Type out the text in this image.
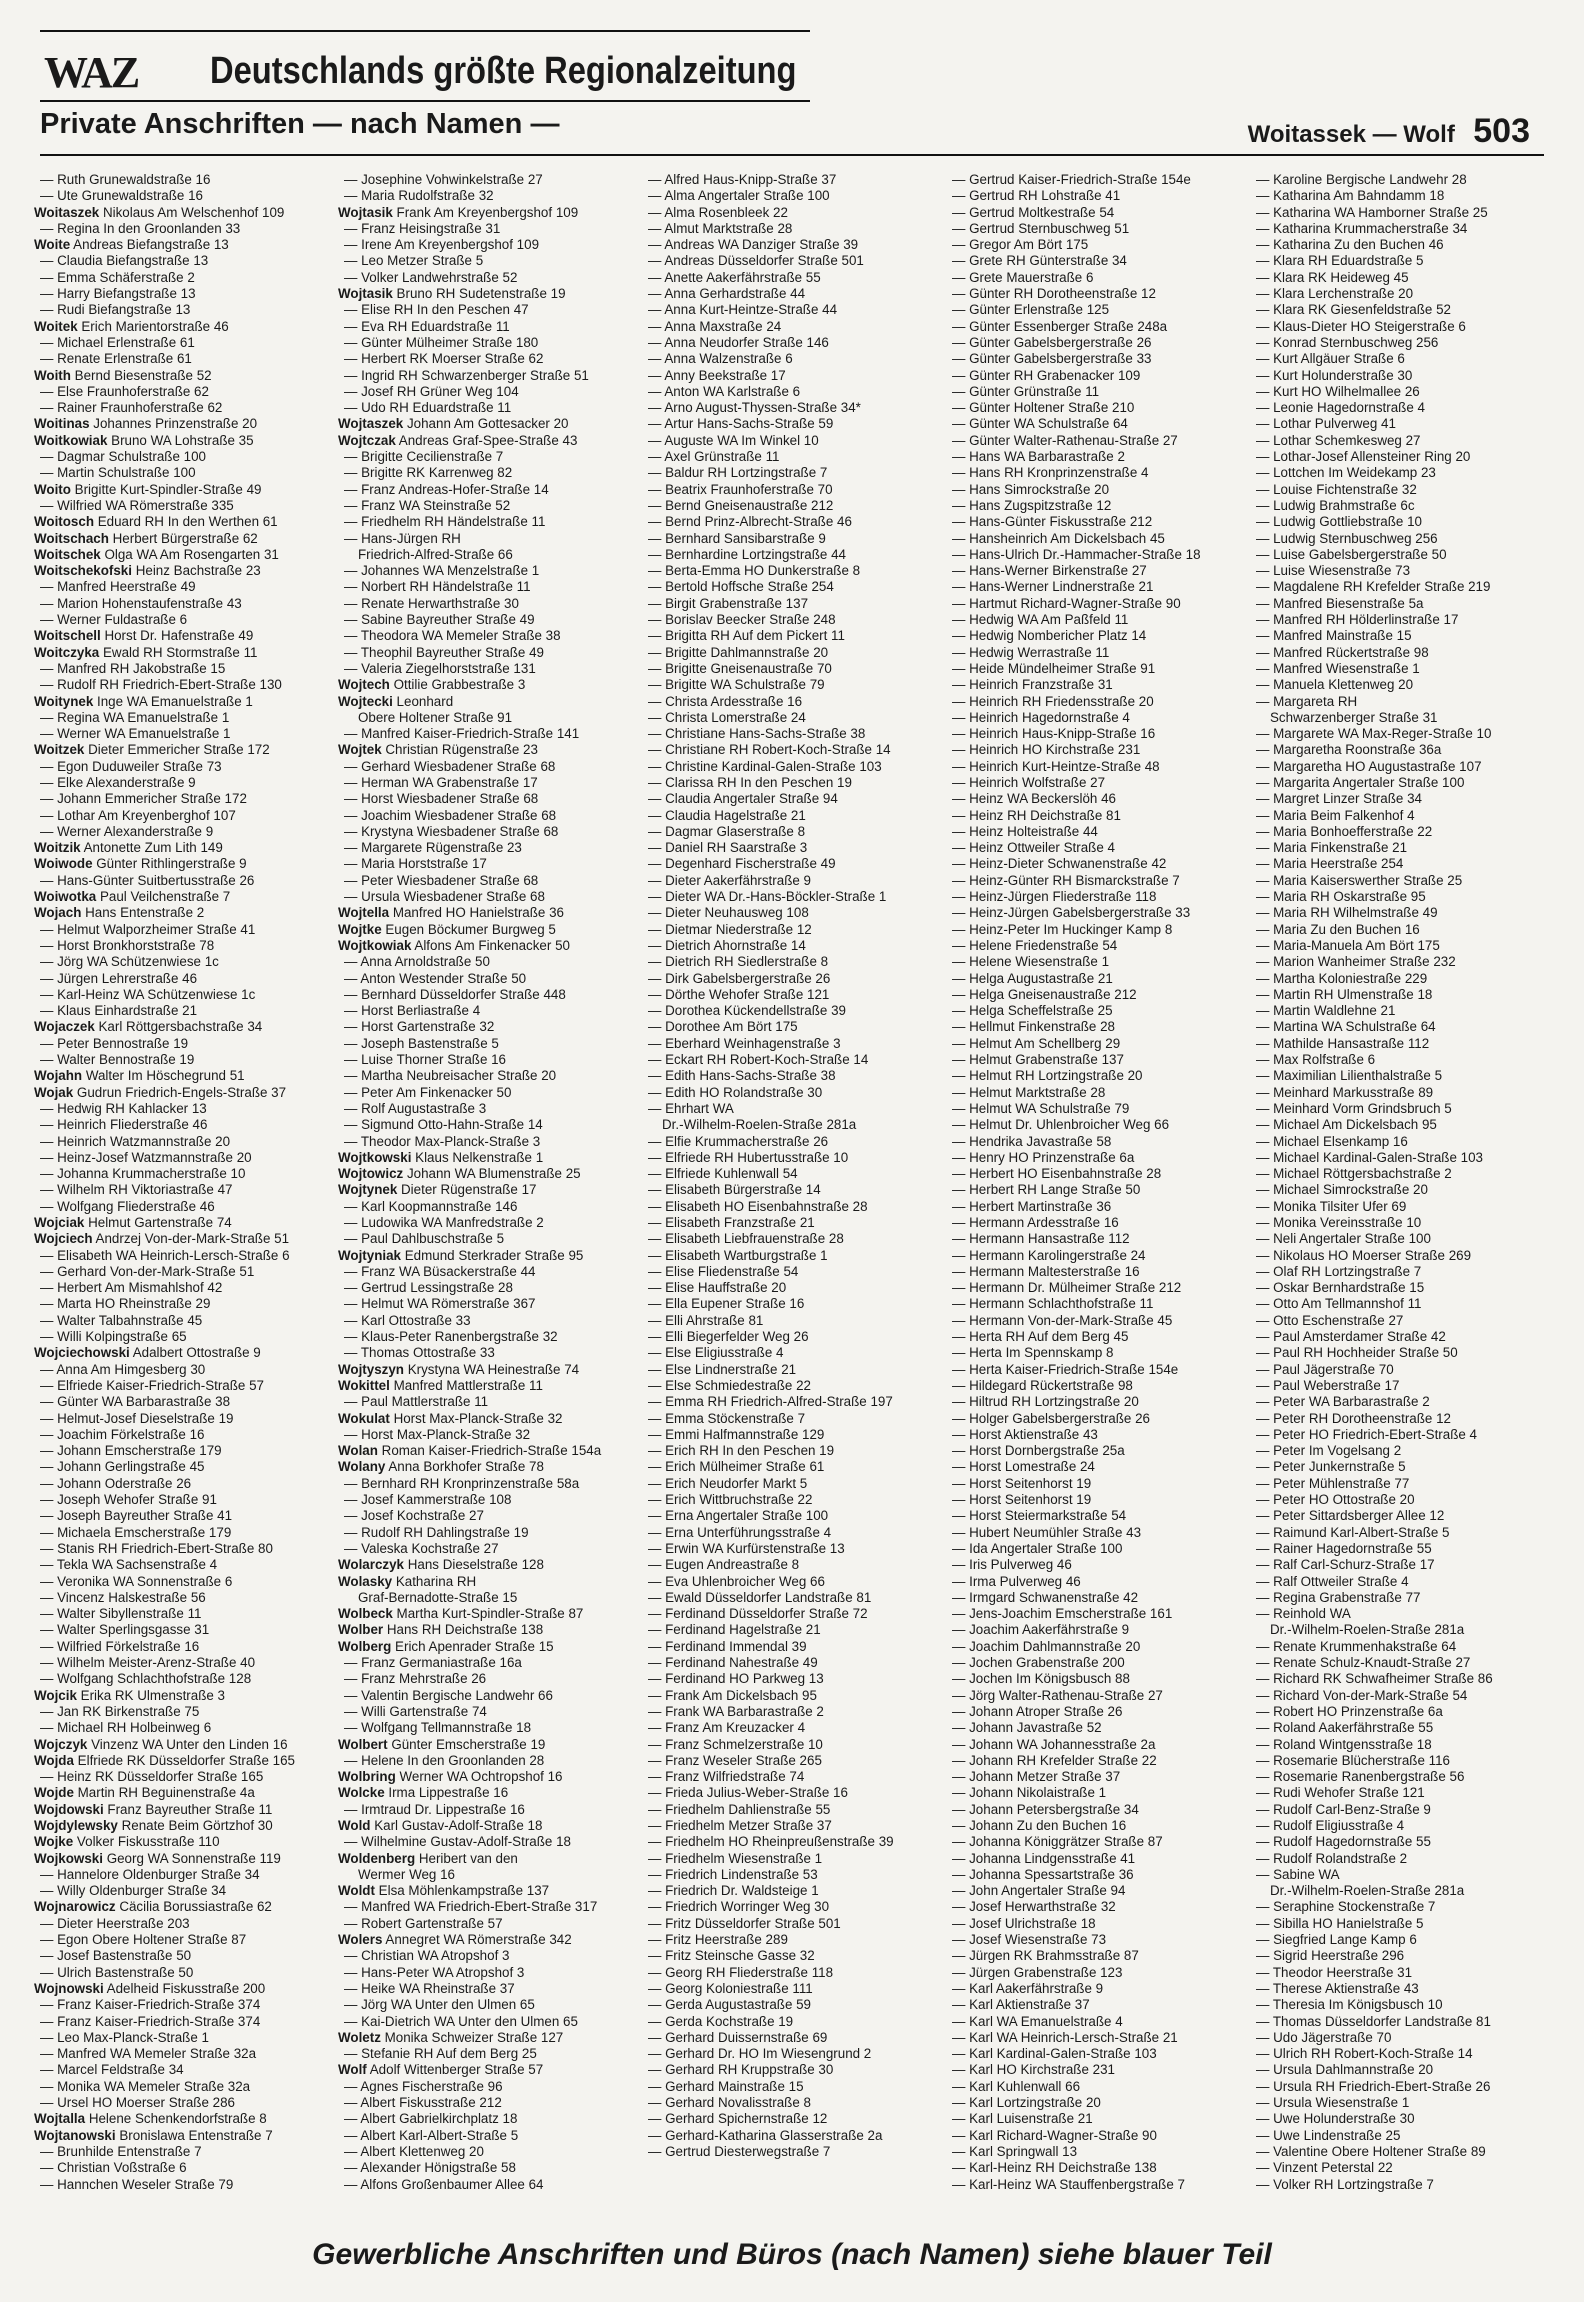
WAZ Deutschlands größte Regionalzeitung
Private Anschriften — nach Namen —	Woitassek — Wolf 503
— Ruth Grunewaldstraße 16
— Ute Grunewaldstraße 16
Woitaszek Nikolaus Am Welschenhof 109
— Regina In den Groonlanden 33
Woite Andreas Biefangstraße 13
— Claudia Biefangstraße 13
— Emma Schäferstraße 2
— Harry Biefangstraße 13
— Rudi Biefangstraße 13
Woitek Erich Marientorstraße 46
— Michael Erlenstraße 61
— Renate Erlenstraße 61
Woith Bernd Biesenstraße 52
— Else Fraunhoferstraße 62
— Rainer Fraunhoferstraße 62
Woitinas Johannes Prinzenstraße 20
Woitkowiak Bruno WA Lohstraße 35
— Dagmar Schulstraße 100
— Martin Schulstraße 100
Woito Brigitte Kurt-Spindler-Straße 49
— Wilfried WA Römerstraße 335
Woitosch Eduard RH In den Werthen 61
Woitschach Herbert Bürgerstraße 62
Woitschek Olga WA Am Rosengarten 31
Woitschekofski Heinz Bachstraße 23
— Manfred Heerstraße 49
— Marion Hohenstaufenstraße 43
— Werner Fuldastraße 6
Woitschell Horst Dr. Hafenstraße 49
Woitczyka Ewald RH Stormstraße 11
— Manfred RH Jakobstraße 15
— Rudolf RH Friedrich-Ebert-Straße 130
Woitynek Inge WA Emanuelstraße 1
— Regina WA Emanuelstraße 1
— Werner WA Emanuelstraße 1
Woitzek Dieter Emmericher Straße 172
— Egon Duduweiler Straße 73
— Elke Alexanderstraße 9
— Johann Emmericher Straße 172
— Lothar Am Kreyenberghof 107
— Werner Alexanderstraße 9
Woitzik Antonette Zum Lith 149
Woiwode Günter Rithlingerstraße 9
— Hans-Günter Suitbertusstraße 26
Woiwotka Paul Veilchenstraße 7
Wojach Hans Entenstraße 2
— Helmut Walporzheimer Straße 41
— Horst Bronkhorststraße 78
— Jörg WA Schützenwiese 1c
— Jürgen Lehrerstraße 46
— Karl-Heinz WA Schützenwiese 1c
— Klaus Einhardstraße 21
Wojaczek Karl Röttgersbachstraße 34
— Peter Bennostraße 19
— Walter Bennostraße 19
Wojahn Walter Im Höschegrund 51
Wojak Gudrun Friedrich-Engels-Straße 37
— Hedwig RH Kahlacker 13
— Heinrich Fliederstraße 46
— Heinrich Watzmannstraße 20
— Heinz-Josef Watzmannstraße 20
— Johanna Krummacherstraße 10
— Wilhelm RH Viktoriastraße 47
— Wolfgang Fliederstraße 46
Wojciak Helmut Gartenstraße 74
Wojciech Andrzej Von-der-Mark-Straße 51
— Elisabeth WA Heinrich-Lersch-Straße 6
— Gerhard Von-der-Mark-Straße 51
— Herbert Am Mismahlshof 42
— Marta HO Rheinstraße 29
— Walter Talbahnstraße 45
— Willi Kolpingstraße 65
Wojciechowski Adalbert Ottostraße 9
— Anna Am Himgesberg 30
— Elfriede Kaiser-Friedrich-Straße 57
— Günter WA Barbarastraße 38
— Helmut-Josef Dieselstraße 19
— Joachim Förkelstraße 16
— Johann Emscherstraße 179
— Johann Gerlingstraße 45
— Johann Oderstraße 26
— Joseph Wehofer Straße 91
— Joseph Bayreuther Straße 41
— Michaela Emscherstraße 179
— Stanis RH Friedrich-Ebert-Straße 80
— Tekla WA Sachsenstraße 4
— Veronika WA Sonnenstraße 6
— Vincenz Halskestraße 56
— Walter Sibyllenstraße 11
— Walter Sperlingsgasse 31
— Wilfried Förkelstraße 16
— Wilhelm Meister-Arenz-Straße 40
— Wolfgang Schlachthofstraße 128
Wojcik Erika RK Ulmenstraße 3
— Jan RK Birkenstraße 75
— Michael RH Holbeinweg 6
Wojczyk Vinzenz WA Unter den Linden 16
Wojda Elfriede RK Düsseldorfer Straße 165
— Heinz RK Düsseldorfer Straße 165
Wojde Martin RH Beguinenstraße 4a
Wojdowski Franz Bayreuther Straße 11
Wojdylewsky Renate Beim Görtzhof 30
Wojke Volker Fiskusstraße 110
Wojkowski Georg WA Sonnenstraße 119
— Hannelore Oldenburger Straße 34
— Willy Oldenburger Straße 34
Wojnarowicz Cäcilia Borussiastraße 62
— Dieter Heerstraße 203
— Egon Obere Holtener Straße 87
— Josef Bastenstraße 50
— Ulrich Bastenstraße 50
Wojnowski Adelheid Fiskusstraße 200
— Franz Kaiser-Friedrich-Straße 374
— Franz Kaiser-Friedrich-Straße 374
— Leo Max-Planck-Straße 1
— Manfred WA Memeler Straße 32a
— Marcel Feldstraße 34
— Monika WA Memeler Straße 32a
— Ursel HO Moerser Straße 286
Wojtalla Helene Schenkendorfstraße 8
Wojtanowski Bronislawa Entenstraße 7
— Brunhilde Entenstraße 7
— Christian Voßstraße 6
— Hannchen Weseler Straße 79
— Josephine Vohwinkelstraße 27
— Maria Rudolfstraße 32
Wojtasik Frank Am Kreyenbergshof 109
— Franz Heisingstraße 31
— Irene Am Kreyenbergshof 109
— Leo Metzer Straße 5
— Volker Landwehrstraße 52
Wojtasik Bruno RH Sudetenstraße 19
— Elise RH In den Peschen 47
— Eva RH Eduardstraße 11
— Günter Mülheimer Straße 180
— Herbert RK Moerser Straße 62
— Ingrid RH Schwarzenberger Straße 51
— Josef RH Grüner Weg 104
— Udo RH Eduardstraße 11
Wojtaszek Johann Am Gottesacker 20
Wojtczak Andreas Graf-Spee-Straße 43
— Brigitte Cecilienstraße 7
— Brigitte RK Karrenweg 82
— Franz Andreas-Hofer-Straße 14
— Franz WA Steinstraße 52
— Friedhelm RH Händelstraße 11
— Hans-Jürgen RH
Friedrich-Alfred-Straße 66
— Johannes WA Menzelstraße 1
— Norbert RH Händelstraße 11
— Renate Herwarthstraße 30
— Sabine Bayreuther Straße 49
— Theodora WA Memeler Straße 38
— Theophil Bayreuther Straße 49
— Valeria Ziegelhorststraße 131
Wojtech Ottilie Grabbestraße 3
Wojtecki Leonhard
Obere Holtener Straße 91
— Manfred Kaiser-Friedrich-Straße 141
Wojtek Christian Rügenstraße 23
— Gerhard Wiesbadener Straße 68
— Herman WA Grabenstraße 17
— Horst Wiesbadener Straße 68
— Joachim Wiesbadener Straße 68
— Krystyna Wiesbadener Straße 68
— Margarete Rügenstraße 23
— Maria Horststraße 17
— Peter Wiesbadener Straße 68
— Ursula Wiesbadener Straße 68
Wojtella Manfred HO Hanielstraße 36
Wojtke Eugen Böckumer Burgweg 5
Wojtkowiak Alfons Am Finkenacker 50
— Anna Arnoldstraße 50
— Anton Westender Straße 50
— Bernhard Düsseldorfer Straße 448
— Horst Berliastraße 4
— Horst Gartenstraße 32
— Joseph Bastenstraße 5
— Luise Thorner Straße 16
— Martha Neubreisacher Straße 20
— Peter Am Finkenacker 50
— Rolf Augustastraße 3
— Sigmund Otto-Hahn-Straße 14
— Theodor Max-Planck-Straße 3
Wojtkowski Klaus Nelkenstraße 1
Wojtowicz Johann WA Blumenstraße 25
Wojtynek Dieter Rügenstraße 17
— Karl Koopmannstraße 146
— Ludowika WA Manfredstraße 2
— Paul Dahlbuschstraße 5
Wojtyniak Edmund Sterkrader Straße 95
— Franz WA Büsackerstraße 44
— Gertrud Lessingstraße 28
— Helmut WA Römerstraße 367
— Karl Ottostraße 33
— Klaus-Peter Ranenbergstraße 32
— Thomas Ottostraße 33
Wojtyszyn Krystyna WA Heinestraße 74
Wokittel Manfred Mattlerstraße 11
— Paul Mattlerstraße 11
Wokulat Horst Max-Planck-Straße 32
— Horst Max-Planck-Straße 32
Wolan Roman Kaiser-Friedrich-Straße 154a
Wolany Anna Borkhofer Straße 78
— Bernhard RH Kronprinzenstraße 58a
— Josef Kammerstraße 108
— Josef Kochstraße 27
— Rudolf RH Dahlingstraße 19
— Valeska Kochstraße 27
Wolarczyk Hans Dieselstraße 128
Wolasky Katharina RH
Graf-Bernadotte-Straße 15
Wolbeck Martha Kurt-Spindler-Straße 87
Wolber Hans RH Deichstraße 138
Wolberg Erich Apenrader Straße 15
— Franz Germaniastraße 16a
— Franz Mehrstraße 26
— Valentin Bergische Landwehr 66
— Willi Gartenstraße 74
— Wolfgang Tellmannstraße 18
Wolbert Günter Emscherstraße 19
— Helene In den Groonlanden 28
Wolbring Werner WA Ochtropshof 16
Wolcke Irma Lippestraße 16
— Irmtraud Dr. Lippestraße 16
Wold Karl Gustav-Adolf-Straße 18
— Wilhelmine Gustav-Adolf-Straße 18
Woldenberg Heribert van den
Wermer Weg 16
Woldt Elsa Möhlenkampstraße 137
— Manfred WA Friedrich-Ebert-Straße 317
— Robert Gartenstraße 57
Wolers Annegret WA Römerstraße 342
— Christian WA Atropshof 3
— Hans-Peter WA Atropshof 3
— Heike WA Rheinstraße 37
— Jörg WA Unter den Ulmen 65
— Kai-Dietrich WA Unter den Ulmen 65
Woletz Monika Schweizer Straße 127
— Stefanie RH Auf dem Berg 25
Wolf Adolf Wittenberger Straße 57
— Agnes Fischerstraße 96
— Albert Fiskusstraße 212
— Albert Gabrielkirchplatz 18
— Albert Karl-Albert-Straße 5
— Albert Klettenweg 20
— Alexander Hönigstraße 58
— Alfons Großenbaumer Allee 64
— Alfred Haus-Knipp-Straße 37
— Alma Angertaler Straße 100
— Alma Rosenbleek 22
— Almut Marktstraße 28
— Andreas WA Danziger Straße 39
— Andreas Düsseldorfer Straße 501
— Anette Aakerfährstraße 55
— Anna Gerhardstraße 44
— Anna Kurt-Heintze-Straße 44
— Anna Maxstraße 24
— Anna Neudorfer Straße 146
— Anna Walzenstraße 6
— Anny Beekstraße 17
— Anton WA Karlstraße 6
— Arno August-Thyssen-Straße 34*
— Artur Hans-Sachs-Straße 59
— Auguste WA Im Winkel 10
— Axel Grünstraße 11
— Baldur RH Lortzingstraße 7
— Beatrix Fraunhoferstraße 70
— Bernd Gneisenaustraße 212
— Bernd Prinz-Albrecht-Straße 46
— Bernhard Sansibarstraße 9
— Bernhardine Lortzingstraße 44
— Berta-Emma HO Dunkerstraße 8
— Bertold Hoffsche Straße 254
— Birgit Grabenstraße 137
— Borislav Beecker Straße 248
— Brigitta RH Auf dem Pickert 11
— Brigitte Dahlmannstraße 20
— Brigitte Gneisenaustraße 70
— Brigitte WA Schulstraße 79
— Christa Ardesstraße 16
— Christa Lomerstraße 24
— Christiane Hans-Sachs-Straße 38
— Christiane RH Robert-Koch-Straße 14
— Christine Kardinal-Galen-Straße 103
— Clarissa RH In den Peschen 19
— Claudia Angertaler Straße 94
— Claudia Hagelstraße 21
— Dagmar Glaserstraße 8
— Daniel RH Saarstraße 3
— Degenhard Fischerstraße 49
— Dieter Aakerfährstraße 9
— Dieter WA Dr.-Hans-Böckler-Straße 1
— Dieter Neuhausweg 108
— Dietmar Niederstraße 12
— Dietrich Ahornstraße 14
— Dietrich RH Siedlerstraße 8
— Dirk Gabelsbergerstraße 26
— Dörthe Wehofer Straße 121
— Dorothea Kückendellstraße 39
— Dorothee Am Bört 175
— Eberhard Weinhagenstraße 3
— Eckart RH Robert-Koch-Straße 14
— Edith Hans-Sachs-Straße 38
— Edith HO Rolandstraße 30
— Ehrhart WA
Dr.-Wilhelm-Roelen-Straße 281a
— Elfie Krummacherstraße 26
— Elfriede RH Hubertusstraße 10
— Elfriede Kuhlenwall 54
— Elisabeth Bürgerstraße 14
— Elisabeth HO Eisenbahnstraße 28
— Elisabeth Franzstraße 21
— Elisabeth Liebfrauenstraße 28
— Elisabeth Wartburgstraße 1
— Elise Fliedenstraße 54
— Elise Hauffstraße 20
— Ella Eupener Straße 16
— Elli Ahrstraße 81
— Elli Biegerfelder Weg 26
— Else Eligiusstraße 4
— Else Lindnerstraße 21
— Else Schmiedestraße 22
— Emma RH Friedrich-Alfred-Straße 197
— Emma Stöckenstraße 7
— Emmi Halfmannstraße 129
— Erich RH In den Peschen 19
— Erich Mülheimer Straße 61
— Erich Neudorfer Markt 5
— Erich Wittbruchstraße 22
— Erna Angertaler Straße 100
— Erna Unterführungsstraße 4
— Erwin WA Kurfürstenstraße 13
— Eugen Andreastraße 8
— Eva Uhlenbroicher Weg 66
— Ewald Düsseldorfer Landstraße 81
— Ferdinand Düsseldorfer Straße 72
— Ferdinand Hagelstraße 21
— Ferdinand Immendal 39
— Ferdinand Nahestraße 49
— Ferdinand HO Parkweg 13
— Frank Am Dickelsbach 95
— Frank WA Barbarastraße 2
— Franz Am Kreuzacker 4
— Franz Schmelzerstraße 10
— Franz Weseler Straße 265
— Franz Wilfriedstraße 74
— Frieda Julius-Weber-Straße 16
— Friedhelm Dahlienstraße 55
— Friedhelm Metzer Straße 37
— Friedhelm HO Rheinpreußenstraße 39
— Friedhelm Wiesenstraße 1
— Friedrich Lindenstraße 53
— Friedrich Dr. Waldsteige 1
— Friedrich Worringer Weg 30
— Fritz Düsseldorfer Straße 501
— Fritz Heerstraße 289
— Fritz Steinsche Gasse 32
— Georg RH Fliederstraße 118
— Georg Koloniestraße 111
— Gerda Augustastraße 59
— Gerda Kochstraße 19
— Gerhard Duissernstraße 69
— Gerhard Dr. HO Im Wiesengrund 2
— Gerhard RH Kruppstraße 30
— Gerhard Mainstraße 15
— Gerhard Novalisstraße 8
— Gerhard Spichernstraße 12
— Gerhard-Katharina Glasserstraße 2a
— Gertrud Diesterwegstraße 7
— Gertrud Kaiser-Friedrich-Straße 154e
— Gertrud RH Lohstraße 41
— Gertrud Moltkestraße 54
— Gertrud Sternbuschweg 51
— Gregor Am Bört 175
— Grete RH Günterstraße 34
— Grete Mauerstraße 6
— Günter RH Dorotheenstraße 12
— Günter Erlenstraße 125
— Günter Essenberger Straße 248a
— Günter Gabelsbergerstraße 26
— Günter Gabelsbergerstraße 33
— Günter RH Grabenacker 109
— Günter Grünstraße 11
— Günter Holtener Straße 210
— Günter WA Schulstraße 64
— Günter Walter-Rathenau-Straße 27
— Hans WA Barbarastraße 2
— Hans RH Kronprinzenstraße 4
— Hans Simrockstraße 20
— Hans Zugspitzstraße 12
— Hans-Günter Fiskusstraße 212
— Hansheinrich Am Dickelsbach 45
— Hans-Ulrich Dr.-Hammacher-Straße 18
— Hans-Werner Birkenstraße 27
— Hans-Werner Lindnerstraße 21
— Hartmut Richard-Wagner-Straße 90
— Hedwig WA Am Paßfeld 11
— Hedwig Nombericher Platz 14
— Hedwig Werrastraße 11
— Heide Mündelheimer Straße 91
— Heinrich Franzstraße 31
— Heinrich RH Friedensstraße 20
— Heinrich Hagedornstraße 4
— Heinrich Haus-Knipp-Straße 16
— Heinrich HO Kirchstraße 231
— Heinrich Kurt-Heintze-Straße 48
— Heinrich Wolfstraße 27
— Heinz WA Beckerslöh 46
— Heinz RH Deichstraße 81
— Heinz Holteistraße 44
— Heinz Ottweiler Straße 4
— Heinz-Dieter Schwanenstraße 42
— Heinz-Günter RH Bismarckstraße 7
— Heinz-Jürgen Fliederstraße 118
— Heinz-Jürgen Gabelsbergerstraße 33
— Heinz-Peter Im Huckinger Kamp 8
— Helene Friedenstraße 54
— Helene Wiesenstraße 1
— Helga Augustastraße 21
— Helga Gneisenaustraße 212
— Helga Scheffelstraße 25
— Hellmut Finkenstraße 28
— Helmut Am Schellberg 29
— Helmut Grabenstraße 137
— Helmut RH Lortzingstraße 20
— Helmut Marktstraße 28
— Helmut WA Schulstraße 79
— Helmut Dr. Uhlenbroicher Weg 66
— Hendrika Javastraße 58
— Henry HO Prinzenstraße 6a
— Herbert HO Eisenbahnstraße 28
— Herbert RH Lange Straße 50
— Herbert Martinstraße 36
— Hermann Ardesstraße 16
— Hermann Hansastraße 112
— Hermann Karolingerstraße 24
— Hermann Maltesterstraße 16
— Hermann Dr. Mülheimer Straße 212
— Hermann Schlachthofstraße 11
— Hermann Von-der-Mark-Straße 45
— Herta RH Auf dem Berg 45
— Herta Im Spennskamp 8
— Herta Kaiser-Friedrich-Straße 154e
— Hildegard Rückertstraße 98
— Hiltrud RH Lortzingstraße 20
— Holger Gabelsbergerstraße 26
— Horst Aktienstraße 43
— Horst Dornbergstraße 25a
— Horst Lomestraße 24
— Horst Seitenhorst 19
— Horst Seitenhorst 19
— Horst Steiermarkstraße 54
— Hubert Neumühler Straße 43
— Ida Angertaler Straße 100
— Iris Pulverweg 46
— Irma Pulverweg 46
— Irmgard Schwanenstraße 42
— Jens-Joachim Emscherstraße 161
— Joachim Aakerfährstraße 9
— Joachim Dahlmannstraße 20
— Jochen Grabenstraße 200
— Jochen Im Königsbusch 88
— Jörg Walter-Rathenau-Straße 27
— Johann Atroper Straße 26
— Johann Javastraße 52
— Johann WA Johannesstraße 2a
— Johann RH Krefelder Straße 22
— Johann Metzer Straße 37
— Johann Nikolaistraße 1
— Johann Petersbergstraße 34
— Johann Zu den Buchen 16
— Johanna Königgrätzer Straße 87
— Johanna Lindgensstraße 41
— Johanna Spessartstraße 36
— John Angertaler Straße 94
— Josef Herwarthstraße 32
— Josef Ulrichstraße 18
— Josef Wiesenstraße 73
— Jürgen RK Brahmsstraße 87
— Jürgen Grabenstraße 123
— Karl Aakerfährstraße 9
— Karl Aktienstraße 37
— Karl WA Emanuelstraße 4
— Karl WA Heinrich-Lersch-Straße 21
— Karl Kardinal-Galen-Straße 103
— Karl HO Kirchstraße 231
— Karl Kuhlenwall 66
— Karl Lortzingstraße 20
— Karl Luisenstraße 21
— Karl Richard-Wagner-Straße 90
— Karl Springwall 13
— Karl-Heinz RH Deichstraße 138
— Karl-Heinz WA Stauffenbergstraße 7
— Karoline Bergische Landwehr 28
— Katharina Am Bahndamm 18
— Katharina WA Hamborner Straße 25
— Katharina Krummacherstraße 34
— Katharina Zu den Buchen 46
— Klara RH Eduardstraße 5
— Klara RK Heideweg 45
— Klara Lerchenstraße 20
— Klara RK Giesenfeldstraße 52
— Klaus-Dieter HO Steigerstraße 6
— Konrad Sternbuschweg 256
— Kurt Allgäuer Straße 6
— Kurt Holunderstraße 30
— Kurt HO Wilhelmallee 26
— Leonie Hagedornstraße 4
— Lothar Pulverweg 41
— Lothar Schemkesweg 27
— Lothar-Josef Allensteiner Ring 20
— Lottchen Im Weidekamp 23
— Louise Fichtenstraße 32
— Ludwig Brahmstraße 6c
— Ludwig Gottliebstraße 10
— Ludwig Sternbuschweg 256
— Luise Gabelsbergerstraße 50
— Luise Wiesenstraße 73
— Magdalene RH Krefelder Straße 219
— Manfred Biesenstraße 5a
— Manfred RH Hölderlinstraße 17
— Manfred Mainstraße 15
— Manfred Rückertstraße 98
— Manfred Wiesenstraße 1
— Manuela Klettenweg 20
— Margareta RH
Schwarzenberger Straße 31
— Margarete WA Max-Reger-Straße 10
— Margaretha Roonstraße 36a
— Margaretha HO Augustastraße 107
— Margarita Angertaler Straße 100
— Margret Linzer Straße 34
— Maria Beim Falkenhof 4
— Maria Bonhoefferstraße 22
— Maria Finkenstraße 21
— Maria Heerstraße 254
— Maria Kaiserswerther Straße 25
— Maria RH Oskarstraße 95
— Maria RH Wilhelmstraße 49
— Maria Zu den Buchen 16
— Maria-Manuela Am Bört 175
— Marion Wanheimer Straße 232
— Martha Koloniestraße 229
— Martin RH Ulmenstraße 18
— Martin Waldlehne 21
— Martina WA Schulstraße 64
— Mathilde Hansastraße 112
— Max Rolfstraße 6
— Maximilian Lilienthalstraße 5
— Meinhard Markusstraße 89
— Meinhard Vorm Grindsbruch 5
— Michael Am Dickelsbach 95
— Michael Elsenkamp 16
— Michael Kardinal-Galen-Straße 103
— Michael Röttgersbachstraße 2
— Michael Simrockstraße 20
— Monika Tilsiter Ufer 69
— Monika Vereinsstraße 10
— Neli Angertaler Straße 100
— Nikolaus HO Moerser Straße 269
— Olaf RH Lortzingstraße 7
— Oskar Bernhardstraße 15
— Otto Am Tellmannshof 11
— Otto Eschenstraße 27
— Paul Amsterdamer Straße 42
— Paul RH Hochheider Straße 50
— Paul Jägerstraße 70
— Paul Weberstraße 17
— Peter WA Barbarastraße 2
— Peter RH Dorotheenstraße 12
— Peter HO Friedrich-Ebert-Straße 4
— Peter Im Vogelsang 2
— Peter Junkernstraße 5
— Peter Mühlenstraße 77
— Peter HO Ottostraße 20
— Peter Sittardsberger Allee 12
— Raimund Karl-Albert-Straße 5
— Rainer Hagedornstraße 55
— Ralf Carl-Schurz-Straße 17
— Ralf Ottweiler Straße 4
— Regina Grabenstraße 77
— Reinhold WA
Dr.-Wilhelm-Roelen-Straße 281a
— Renate Krummenhakstraße 64
— Renate Schulz-Knaudt-Straße 27
— Richard RK Schwafheimer Straße 86
— Richard Von-der-Mark-Straße 54
— Robert HO Prinzenstraße 6a
— Roland Aakerfährstraße 55
— Roland Wintgensstraße 18
— Rosemarie Blücherstraße 116
— Rosemarie Ranenbergstraße 56
— Rudi Wehofer Straße 121
— Rudolf Carl-Benz-Straße 9
— Rudolf Eligiusstraße 4
— Rudolf Hagedornstraße 55
— Rudolf Rolandstraße 2
— Sabine WA
Dr.-Wilhelm-Roelen-Straße 281a
— Seraphine Stockenstraße 7
— Sibilla HO Hanielstraße 5
— Siegfried Lange Kamp 6
— Sigrid Heerstraße 296
— Theodor Heerstraße 31
— Therese Aktienstraße 43
— Theresia Im Königsbusch 10
— Thomas Düsseldorfer Landstraße 81
— Udo Jägerstraße 70
— Ulrich RH Robert-Koch-Straße 14
— Ursula Dahlmannstraße 20
— Ursula RH Friedrich-Ebert-Straße 26
— Ursula Wiesenstraße 1
— Uwe Holunderstraße 30
— Uwe Lindenstraße 25
— Valentine Obere Holtener Straße 89
— Vinzent Peterstal 22
— Volker RH Lortzingstraße 7
Gewerbliche Anschriften und Büros (nach Namen) siehe blauer Teil
